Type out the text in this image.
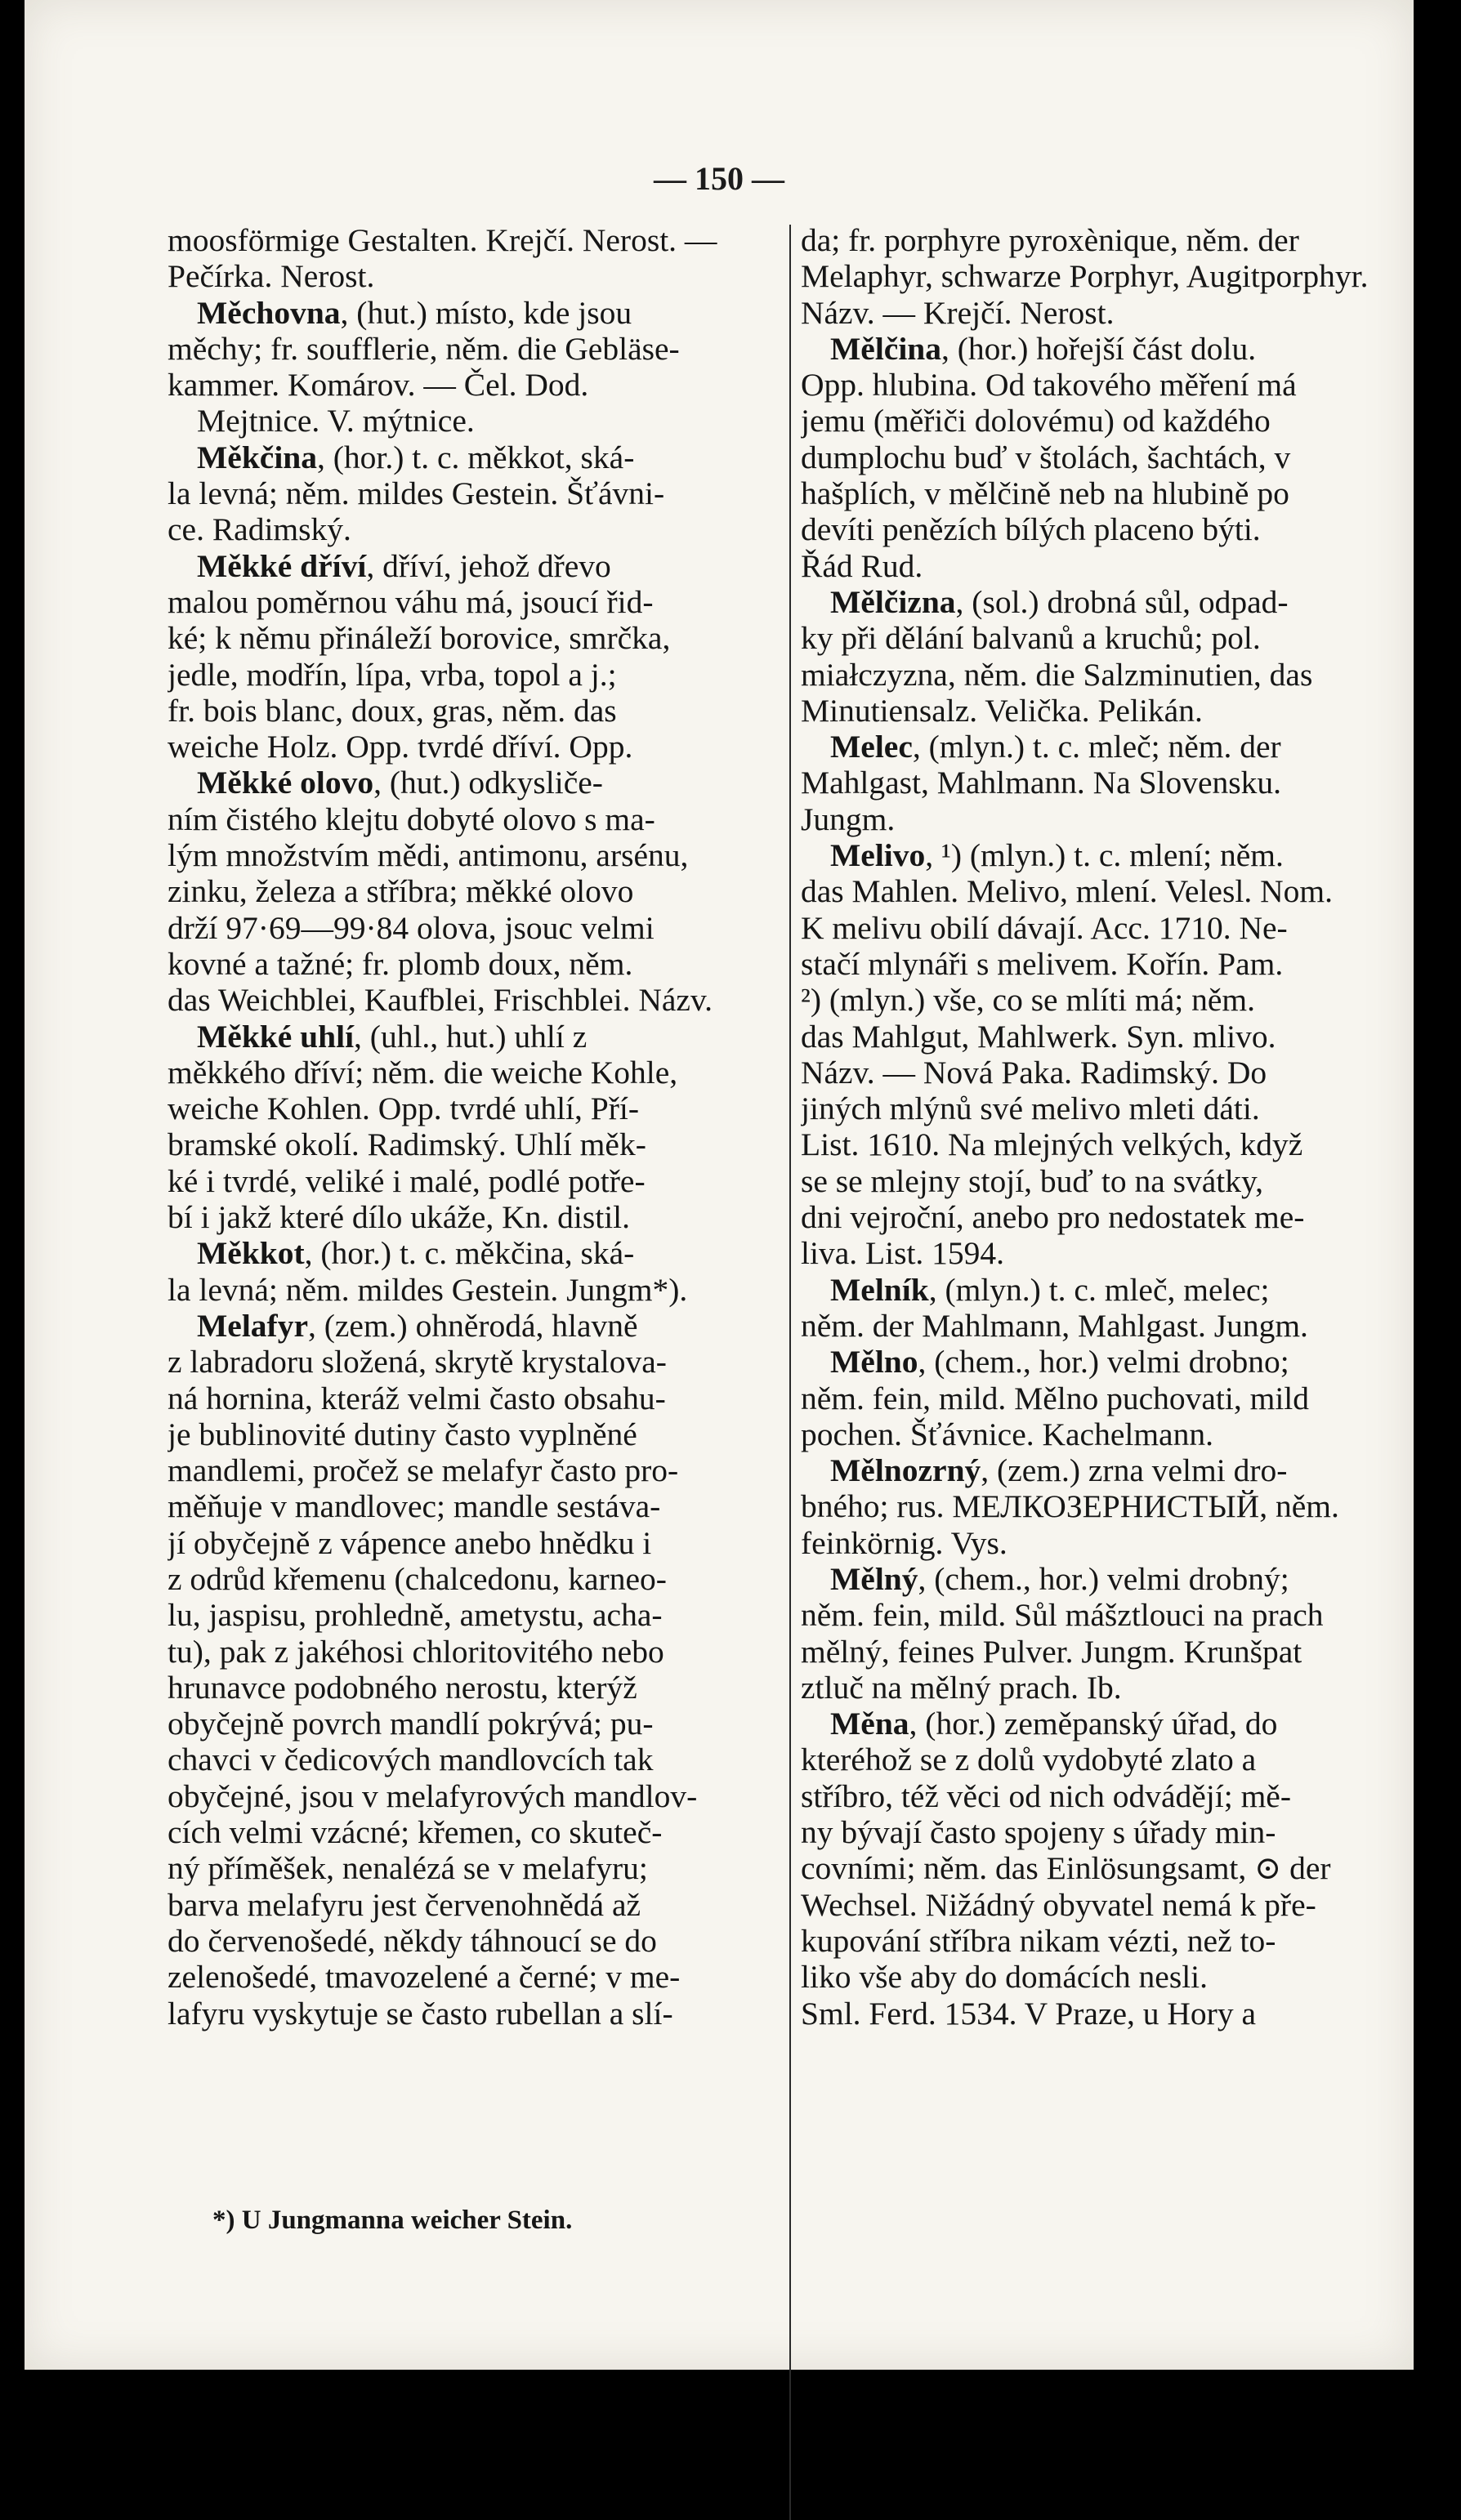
— 150 —
moosförmige Gestalten. Krejčí. Nerost. —
Pečírka. Nerost.
Měchovna, (hut.) místo, kde jsou
měchy; fr. soufflerie, něm. die Gebläse-
kammer. Komárov. — Čel. Dod.
Mejtnice. V. mýtnice.
Měkčina, (hor.) t. c. měkkot, ská-
la levná; něm. mildes Gestein. Šťávni-
ce. Radimský.
Měkké dříví, dříví, jehož dřevo
malou poměrnou váhu má, jsoucí řid-
ké; k němu přináleží borovice, smrčka,
jedle, modřín, lípa, vrba, topol a j.;
fr. bois blanc, doux, gras, něm. das
weiche Holz. Opp. tvrdé dříví. Opp.
Měkké olovo, (hut.) odkysliče-
ním čistého klejtu dobyté olovo s ma-
lým množstvím mědi, antimonu, arsénu,
zinku, železa a stříbra; měkké olovo
drží 97·69—99·84 olova, jsouc velmi
kovné a tažné; fr. plomb doux, něm.
das Weichblei, Kaufblei, Frischblei. Názv.
Měkké uhlí, (uhl., hut.) uhlí z
měkkého dříví; něm. die weiche Kohle,
weiche Kohlen. Opp. tvrdé uhlí, Pří-
bramské okolí. Radimský. Uhlí měk-
ké i tvrdé, veliké i malé, podlé potře-
bí i jakž které dílo ukáže, Kn. distil.
Měkkot, (hor.) t. c. měkčina, ská-
la levná; něm. mildes Gestein. Jungm*).
Melafyr, (zem.) ohněrodá, hlavně
z labradoru složená, skrytě krystalova-
ná hornina, kteráž velmi často obsahu-
je bublinovité dutiny často vyplněné
mandlemi, pročež se melafyr často pro-
měňuje v mandlovec; mandle sestáva-
jí obyčejně z vápence anebo hnědku i
z odrůd křemenu (chalcedonu, karneo-
lu, jaspisu, prohledně, ametystu, acha-
tu), pak z jakéhosi chloritovitého nebo
hrunavce podobného nerostu, kterýž
obyčejně povrch mandlí pokrývá; pu-
chavci v čedicových mandlovcích tak
obyčejné, jsou v melafyrových mandlov-
cích velmi vzácné; křemen, co skuteč-
ný příměšek, nenalézá se v melafyru;
barva melafyru jest červenohnědá až
do červenošedé, někdy táhnoucí se do
zelenošedé, tmavozelené a černé; v me-
lafyru vyskytuje se často rubellan a slí-
da; fr. porphyre pyroxènique, něm. der
Melaphyr, schwarze Porphyr, Augitporphyr.
Názv. — Krejčí. Nerost.
Mělčina, (hor.) hořejší část dolu.
Opp. hlubina. Od takového měření má
jemu (měřiči dolovému) od každého
dumplochu buď v štolách, šachtách, v
hašplích, v mělčině neb na hlubině po
devíti penězích bílých placeno býti.
Řád Rud.
Mělčizna, (sol.) drobná sůl, odpad-
ky při dělání balvanů a kruchů; pol.
miałczyzna, něm. die Salzminutien, das
Minutiensalz. Velička. Pelikán.
Melec, (mlyn.) t. c. mleč; něm. der
Mahlgast, Mahlmann. Na Slovensku.
Jungm.
Melivo, ¹) (mlyn.) t. c. mlení; něm.
das Mahlen. Melivo, mlení. Velesl. Nom.
K melivu obilí dávají. Acc. 1710. Ne-
stačí mlynáři s melivem. Kořín. Pam.
²) (mlyn.) vše, co se mlíti má; něm.
das Mahlgut, Mahlwerk. Syn. mlivo.
Názv. — Nová Paka. Radimský. Do
jiných mlýnů své melivo mleti dáti.
List. 1610. Na mlejných velkých, když
se se mlejny stojí, buď to na svátky,
dni vejroční, anebo pro nedostatek me-
liva. List. 1594.
Melník, (mlyn.) t. c. mleč, melec;
něm. der Mahlmann, Mahlgast. Jungm.
Mělno, (chem., hor.) velmi drobno;
něm. fein, mild. Mělno puchovati, mild
pochen. Šťávnice. Kachelmann.
Mělnozrný, (zem.) zrna velmi dro-
bného; rus. МЕЛКОЗЕРНИСТЫЙ, něm.
feinkörnig. Vys.
Mělný, (chem., hor.) velmi drobný;
něm. fein, mild. Sůl mášztlouci na prach
mělný, feines Pulver. Jungm. Krunšpat
ztluč na mělný prach. Ib.
Měna, (hor.) zeměpanský úřad, do
kteréhož se z dolů vydobyté zlato a
stříbro, též věci od nich odvádějí; mě-
ny bývají často spojeny s úřady min-
covními; něm. das Einlösungsamt, ⊙ der
Wechsel. Nižádný obyvatel nemá k pře-
kupování stříbra nikam vézti, než to-
liko vše aby do domácích nesli.
Sml. Ferd. 1534. V Praze, u Hory a
*) U Jungmanna weicher Stein.
